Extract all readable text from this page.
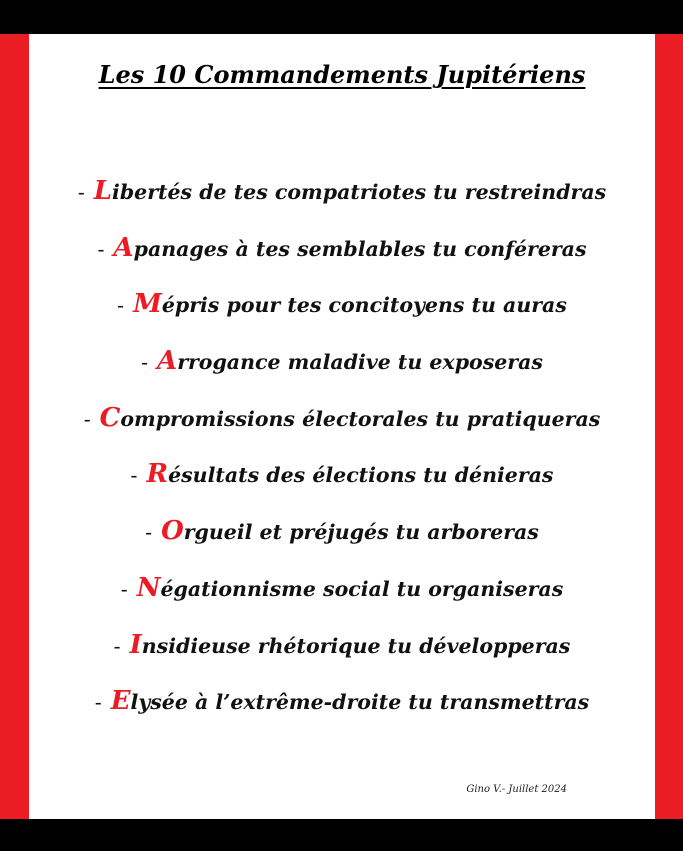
Les 10 Commandements Jupitériens
- Libertés de tes compatriotes tu restreindras
- Apanages à tes semblables tu conféreras
- Mépris pour tes concitoyens tu auras
- Arrogance maladive tu exposeras
- Compromissions électorales tu pratiqueras
- Résultats des élections tu dénieras
- Orgueil et préjugés tu arboreras
- Négationnisme social tu organiseras
- Insidieuse rhétorique tu développeras
- Elysée à l’extrême-droite tu transmettras
Gino V.- Juillet 2024
